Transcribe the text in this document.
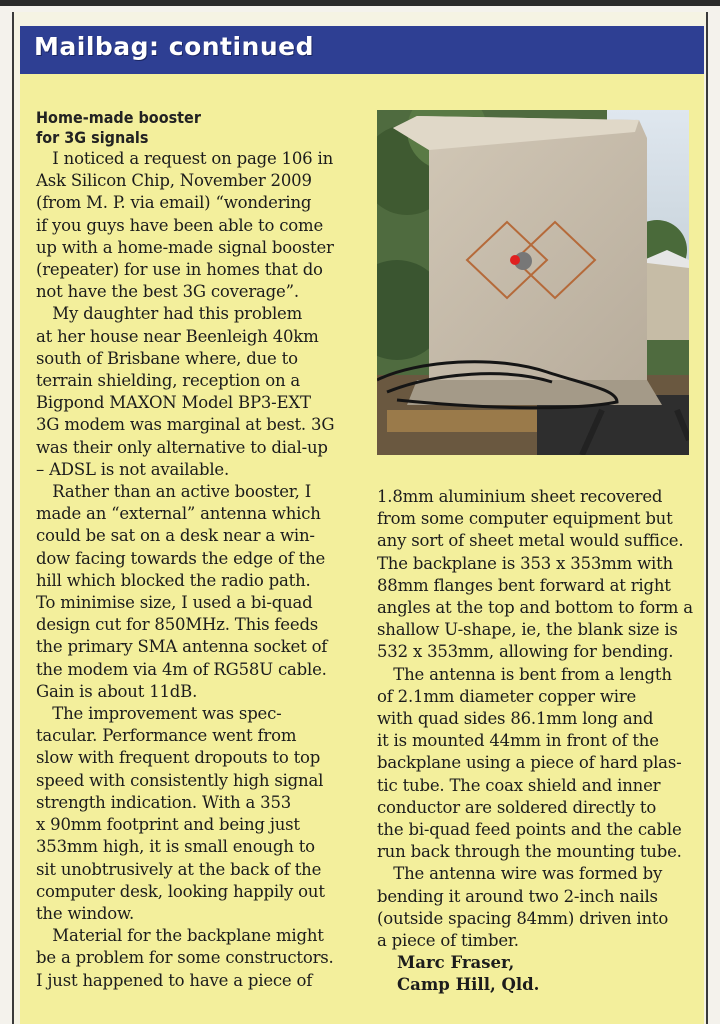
Mailbag: continued
Home-made booster
for 3G signals
 I noticed a request on page 106 in
Ask Silicon Chip, November 2009
(from M. P. via email) “wondering
if you guys have been able to come
up with a home-made signal booster
(repeater) for use in homes that do
not have the best 3G coverage”.
 My daughter had this problem
at her house near Beenleigh 40km
south of Brisbane where, due to
terrain shielding, reception on a
Bigpond MAXON Model BP3-EXT
3G modem was marginal at best. 3G
was their only alternative to dial-up
– ADSL is not available.
 Rather than an active booster, I
made an “external” antenna which
could be sat on a desk near a win-
dow facing towards the edge of the
hill which blocked the radio path.
To minimise size, I used a bi-quad
design cut for 850MHz. This feeds
the primary SMA antenna socket of
the modem via 4m of RG58U cable.
Gain is about 11dB.
 The improvement was spec-
tacular. Performance went from
slow with frequent dropouts to top
speed with consistently high signal
strength indication. With a 353
x 90mm footprint and being just
353mm high, it is small enough to
sit unobtrusively at the back of the
computer desk, looking happily out
the window.
 Material for the backplane might
be a problem for some constructors.
I just happened to have a piece of
1.8mm aluminium sheet recovered
from some computer equipment but
any sort of sheet metal would suffice.
The backplane is 353 x 353mm with
88mm flanges bent forward at right
angles at the top and bottom to form a
shallow U-shape, ie, the blank size is
532 x 353mm, allowing for bending.
 The antenna is bent from a length
of 2.1mm diameter copper wire
with quad sides 86.1mm long and
it is mounted 44mm in front of the
backplane using a piece of hard plas-
tic tube. The coax shield and inner
conductor are soldered directly to
the bi-quad feed points and the cable
run back through the mounting tube.
 The antenna wire was formed by
bending it around two 2-inch nails
(outside spacing 84mm) driven into
a piece of timber.
Marc Fraser,
Camp Hill, Qld.
